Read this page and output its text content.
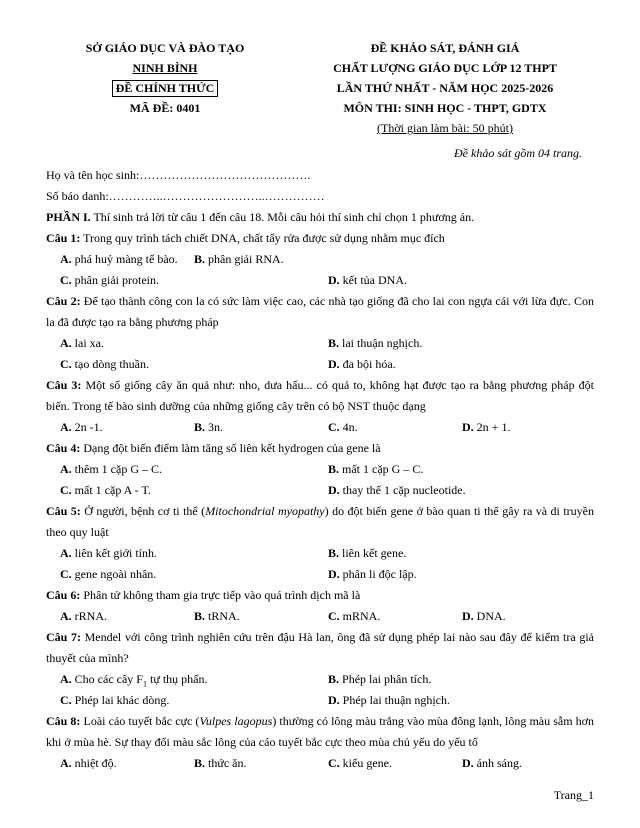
SỞ GIÁO DỤC VÀ ĐÀO TẠO
NINH BÌNH
ĐỀ CHÍNH THỨC
MÃ ĐỀ: 0401
ĐỀ KHẢO SÁT, ĐÁNH GIÁ
CHẤT LƯỢNG GIÁO DỤC LỚP 12 THPT
LẦN THỨ NHẤT - NĂM HỌC 2025-2026
MÔN THI: SINH HỌC - THPT, GDTX
(Thời gian làm bài: 50 phút)
Đề khảo sát gồm 04 trang.
Họ và tên học sinh:…………………………………….
Số báo danh:…………..……………………..……………
PHẦN I. Thí sinh trả lời từ câu 1 đến câu 18. Mỗi câu hỏi thí sinh chỉ chọn 1 phương án.
Câu 1: Trong quy trình tách chiết DNA, chất tẩy rửa được sử dụng nhằm mục đích
A. phá huỷ màng tế bào. B. phân giải RNA.
C. phân giải protein.	D. kết tủa DNA.
Câu 2: Để tạo thành công con la có sức làm việc cao, các nhà tạo giống đã cho lai con ngựa cái với lừa đực. Con la đã được tạo ra bằng phương pháp
A. lai xa.	B. lai thuận nghịch.
C. tạo dòng thuần.	D. đa bội hóa.
Câu 3: Một số giống cây ăn quả như: nho, dưa hấu... có quả to, không hạt được tạo ra bằng phương pháp đột biến. Trong tế bào sinh dưỡng của những giống cây trên có bộ NST thuộc dạng
A. 2n -1.	B. 3n.	C. 4n.	D. 2n + 1.
Câu 4: Dạng đột biến điểm làm tăng số liên kết hydrogen của gene là
A. thêm 1 cặp G – C.	B. mất 1 cặp G – C.
C. mất 1 cặp A - T.	D. thay thế 1 cặp nucleotide.
Câu 5: Ở người, bệnh cơ ti thể (Mitochondrial myopathy) do đột biến gene ở bào quan ti thể gây ra và di truyền theo quy luật
A. liên kết giới tính.	B. liên kết gene.
C. gene ngoài nhân.	D. phân li độc lập.
Câu 6: Phân tử không tham gia trực tiếp vào quá trình dịch mã là
A. rRNA.	B. tRNA.	C. mRNA.	D. DNA.
Câu 7: Mendel với công trình nghiên cứu trên đậu Hà lan, ông đã sử dụng phép lai nào sau đây để kiểm tra giả thuyết của mình?
A. Cho các cây $F_1$ tự thụ phấn.	B. Phép lai phân tích.
C. Phép lai khác dòng.	D. Phép lai thuận nghịch.
Câu 8: Loài cáo tuyết bắc cực (Vulpes lagopus) thường có lông màu trắng vào mùa đông lạnh, lông màu sẫm hơn khi ở mùa hè. Sự thay đổi màu sắc lông của cáo tuyết bắc cực theo mùa chủ yếu do yếu tố
A. nhiệt độ.	B. thức ăn.	C. kiểu gene.	D. ánh sáng.
Trang_1
